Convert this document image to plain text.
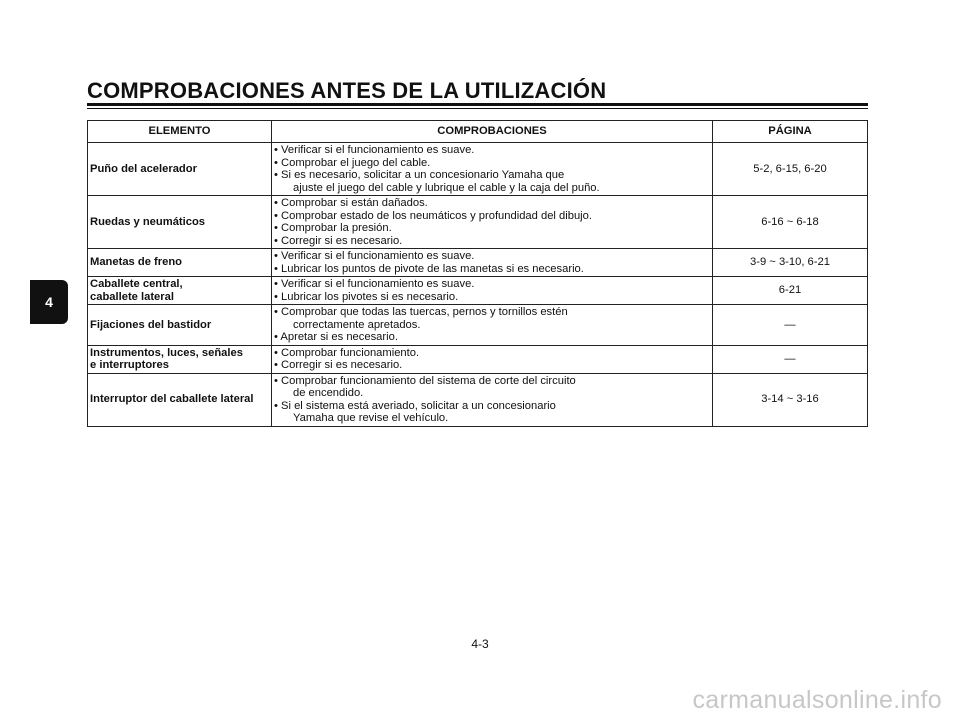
COMPROBACIONES ANTES DE LA UTILIZACIÓN
4
ELEMENTO	COMPROBACIONES	PÁGINA

Puño del acelerador	• Verificar si el funcionamiento es suave.
• Comprobar el juego del cable.
• Si es necesario, solicitar a un concesionario Yamaha que
ajuste el juego del cable y lubrique el cable y la caja del puño.	5-2, 6-15, 6-20

Ruedas y neumáticos	• Comprobar si están dañados.
• Comprobar estado de los neumáticos y profundidad del dibujo.
• Comprobar la presión.
• Corregir si es necesario.	6-16 ~ 6-18

Manetas de freno	• Verificar si el funcionamiento es suave.
• Lubricar los puntos de pivote de las manetas si es necesario.	3-9 ~ 3-10, 6-21

Caballete central,
caballete lateral	• Verificar si el funcionamiento es suave.
• Lubricar los pivotes si es necesario.	6-21

Fijaciones del bastidor	• Comprobar que todas las tuercas, pernos y tornillos estén
correctamente apretados.
• Apretar si es necesario.	—

Instrumentos, luces, señales
e interruptores	• Comprobar funcionamiento.
• Corregir si es necesario.	—

Interruptor del caballete lateral	• Comprobar funcionamiento del sistema de corte del circuito
de encendido.
• Si el sistema está averiado, solicitar a un concesionario
Yamaha que revise el vehículo.	3-14 ~ 3-16
4-3
carmanualsonline.info
